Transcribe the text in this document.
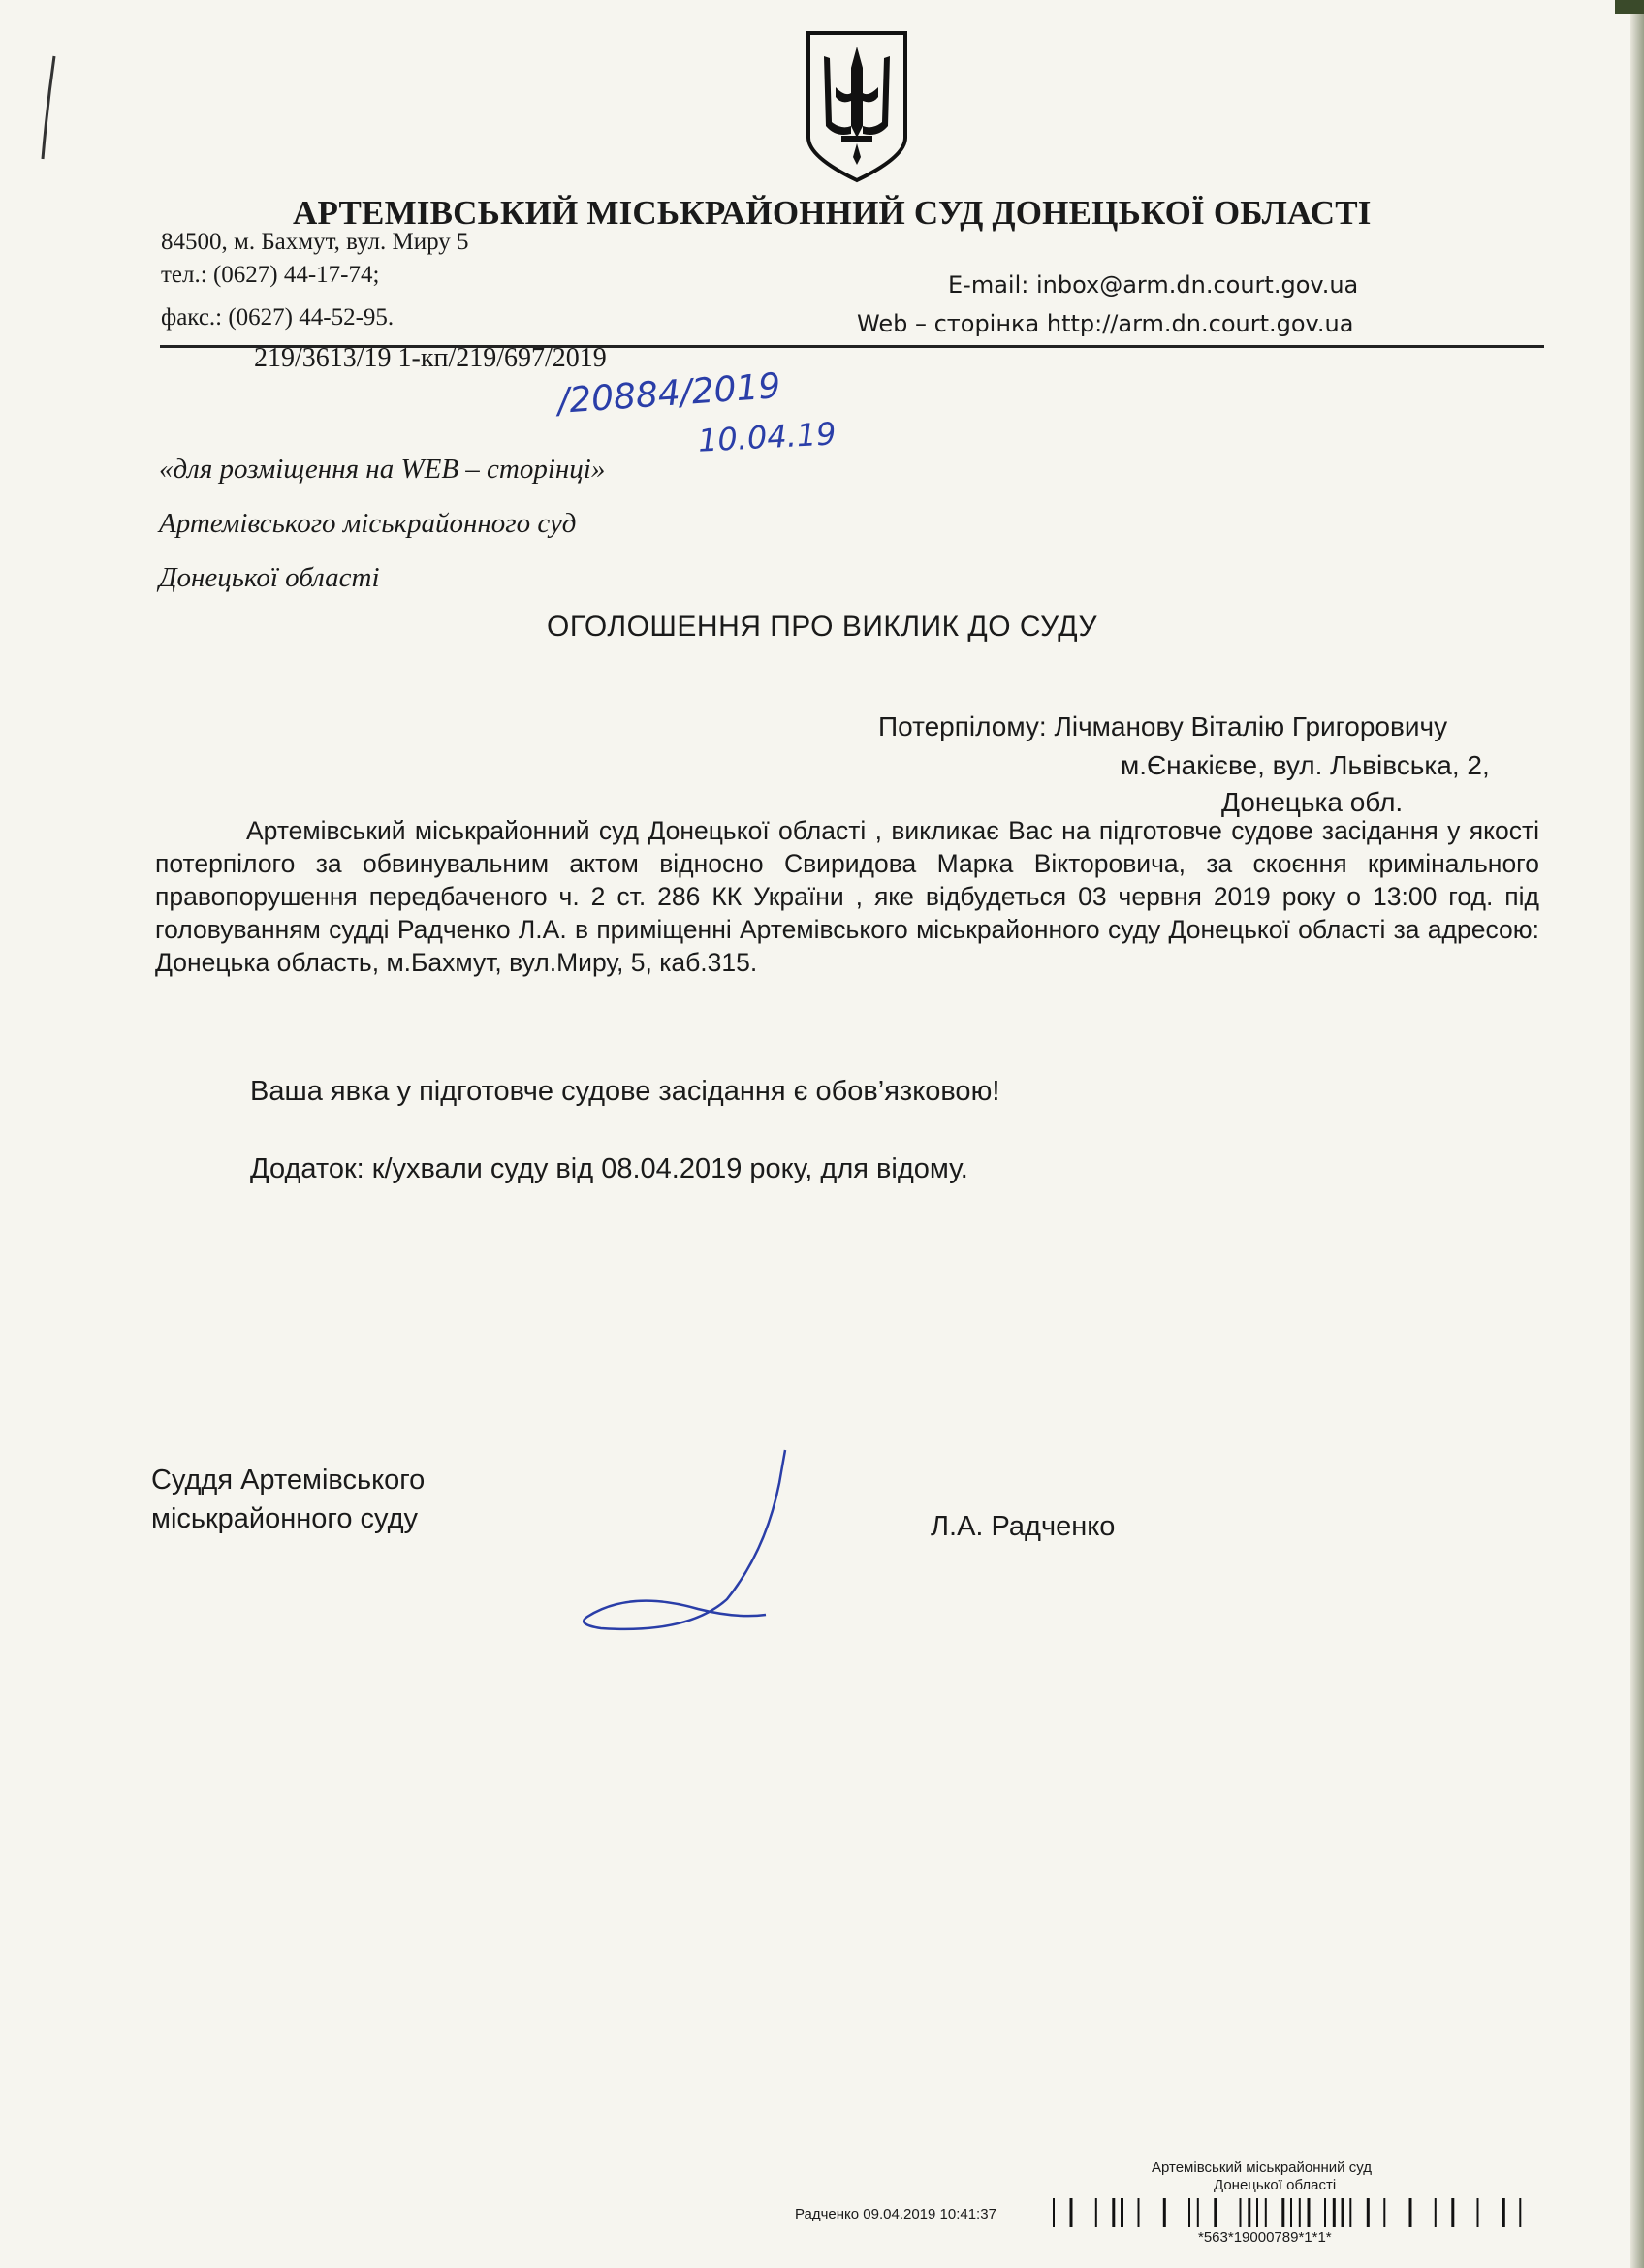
АРТЕМІВСЬКИЙ МІСЬКРАЙОННИЙ СУД ДОНЕЦЬКОЇ ОБЛАСТІ
84500, м. Бахмут, вул. Миру 5
тел.: (0627) 44-17-74;
факс.: (0627) 44-52-95.
E-mail: inbox@arm.dn.court.gov.ua
Web – сторінка http://arm.dn.court.gov.ua
219/3613/19 1-кп/219/697/2019
/20884/2019
10.04.19
«для розміщення на WEB – сторінці»
Артемівського міськрайонного суд
Донецької області
ОГОЛОШЕННЯ ПРО ВИКЛИК ДО СУДУ
Потерпілому: Лічманову Віталію Григоровичу
м.Єнакієве, вул. Львівська, 2,
Донецька обл.
Артемівський міськрайонний суд Донецької області , викликає Вас на підготовче судове засідання у якості потерпілого за обвинувальним актом відносно Свиридова Марка Вікторовича, за скоєння кримінального правопорушення передбаченого ч. 2 ст. 286 КК України , яке відбудеться 03 червня 2019 року о 13:00 год. під головуванням судді Радченко Л.А. в приміщенні Артемівського міськрайонного суду Донецької області за адресою: Донецька область, м.Бахмут, вул.Миру, 5, каб.315.
Ваша явка у підготовче судове засідання є обов’язковою!
Додаток: к/ухвали суду від 08.04.2019 року, для відому.
Суддя Артемівського
міськрайонного суду	Л.А. Радченко
Артемівський міськрайонний суд
Донецької області
Радченко 09.04.2019 10:41:37
*563*19000789*1*1*
